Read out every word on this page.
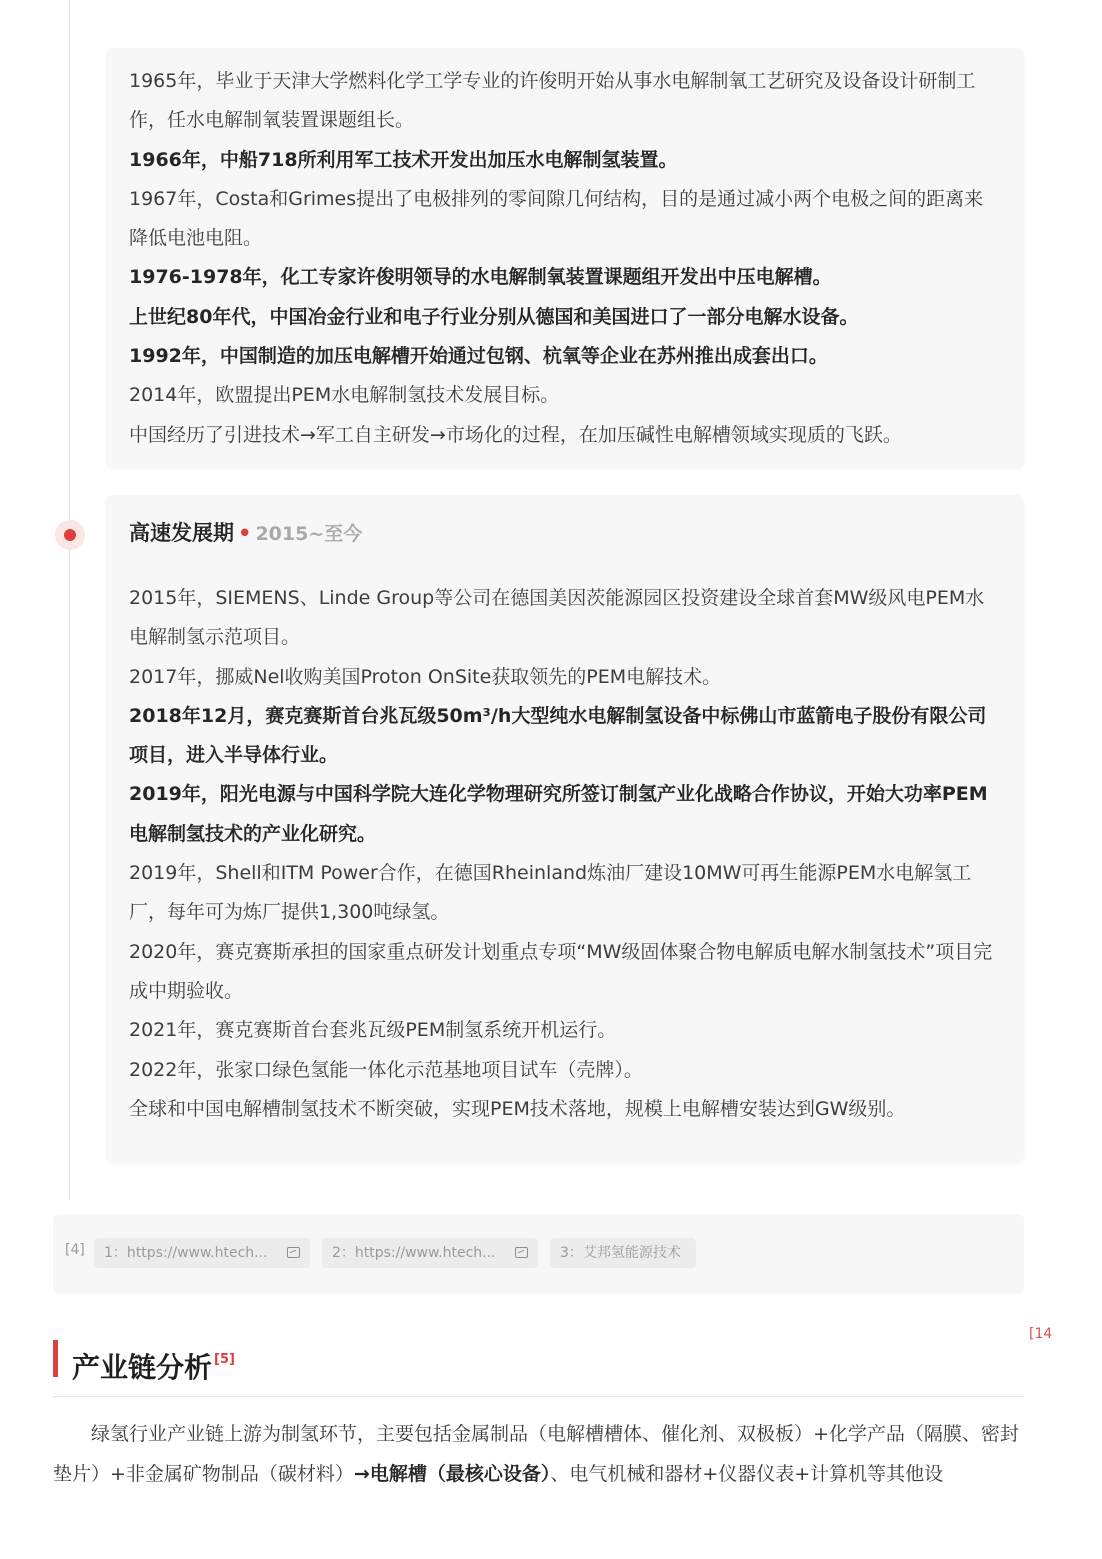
1965年，毕业于天津大学燃料化学工学专业的许俊明开始从事水电解制氧工艺研究及设备设计研制工作，任水电解制氧装置课题组长。
1966年，中船718所利用军工技术开发出加压水电解制氢装置。
1967年，Costa和Grimes提出了电极排列的零间隙几何结构，目的是通过减小两个电极之间的距离来降低电池电阻。
1976-1978年，化工专家许俊明领导的水电解制氧装置课题组开发出中压电解槽。
上世纪80年代，中国冶金行业和电子行业分别从德国和美国进口了一部分电解水设备。
1992年，中国制造的加压电解槽开始通过包钢、杭氧等企业在苏州推出成套出口。
2014年，欧盟提出PEM水电解制氢技术发展目标。
中国经历了引进技术→军工自主研发→市场化的过程，在加压碱性电解槽领域实现质的飞跃。
高速发展期 • 2015~至今
2015年，SIEMENS、Linde Group等公司在德国美因茨能源园区投资建设全球首套MW级风电PEM水电解制氢示范项目。
2017年，挪威Nel收购美国Proton OnSite获取领先的PEM电解技术。
2018年12月，赛克赛斯首台兆瓦级50m³/h大型纯水电解制氢设备中标佛山市蓝箭电子股份有限公司项目，进入半导体行业。
2019年，阳光电源与中国科学院大连化学物理研究所签订制氢产业化战略合作协议，开始大功率PEM电解制氢技术的产业化研究。
2019年，Shell和ITM Power合作，在德国Rheinland炼油厂建设10MW可再生能源PEM水电解氢工厂，每年可为炼厂提供1,300吨绿氢。
2020年，赛克赛斯承担的国家重点研发计划重点专项“MW级固体聚合物电解质电解水制氢技术”项目完成中期验收。
2021年，赛克赛斯首台套兆瓦级PEM制氢系统开机运行。
2022年，张家口绿色氢能一体化示范基地项目试车（壳牌）。
全球和中国电解槽制氢技术不断突破，实现PEM技术落地，规模上电解槽安装达到GW级别。
[4]	1：https://www.htech...	2：https://www.htech...	3：艾邦氢能源技术
[14
产业链分析 [5]
绿氢行业产业链上游为制氢环节，主要包括金属制品（电解槽槽体、催化剂、双极板）+化学产品（隔膜、密封垫片）+非金属矿物制品（碳材料）→电解槽（最核心设备）、电气机械和器材+仪器仪表+计算机等其他设
